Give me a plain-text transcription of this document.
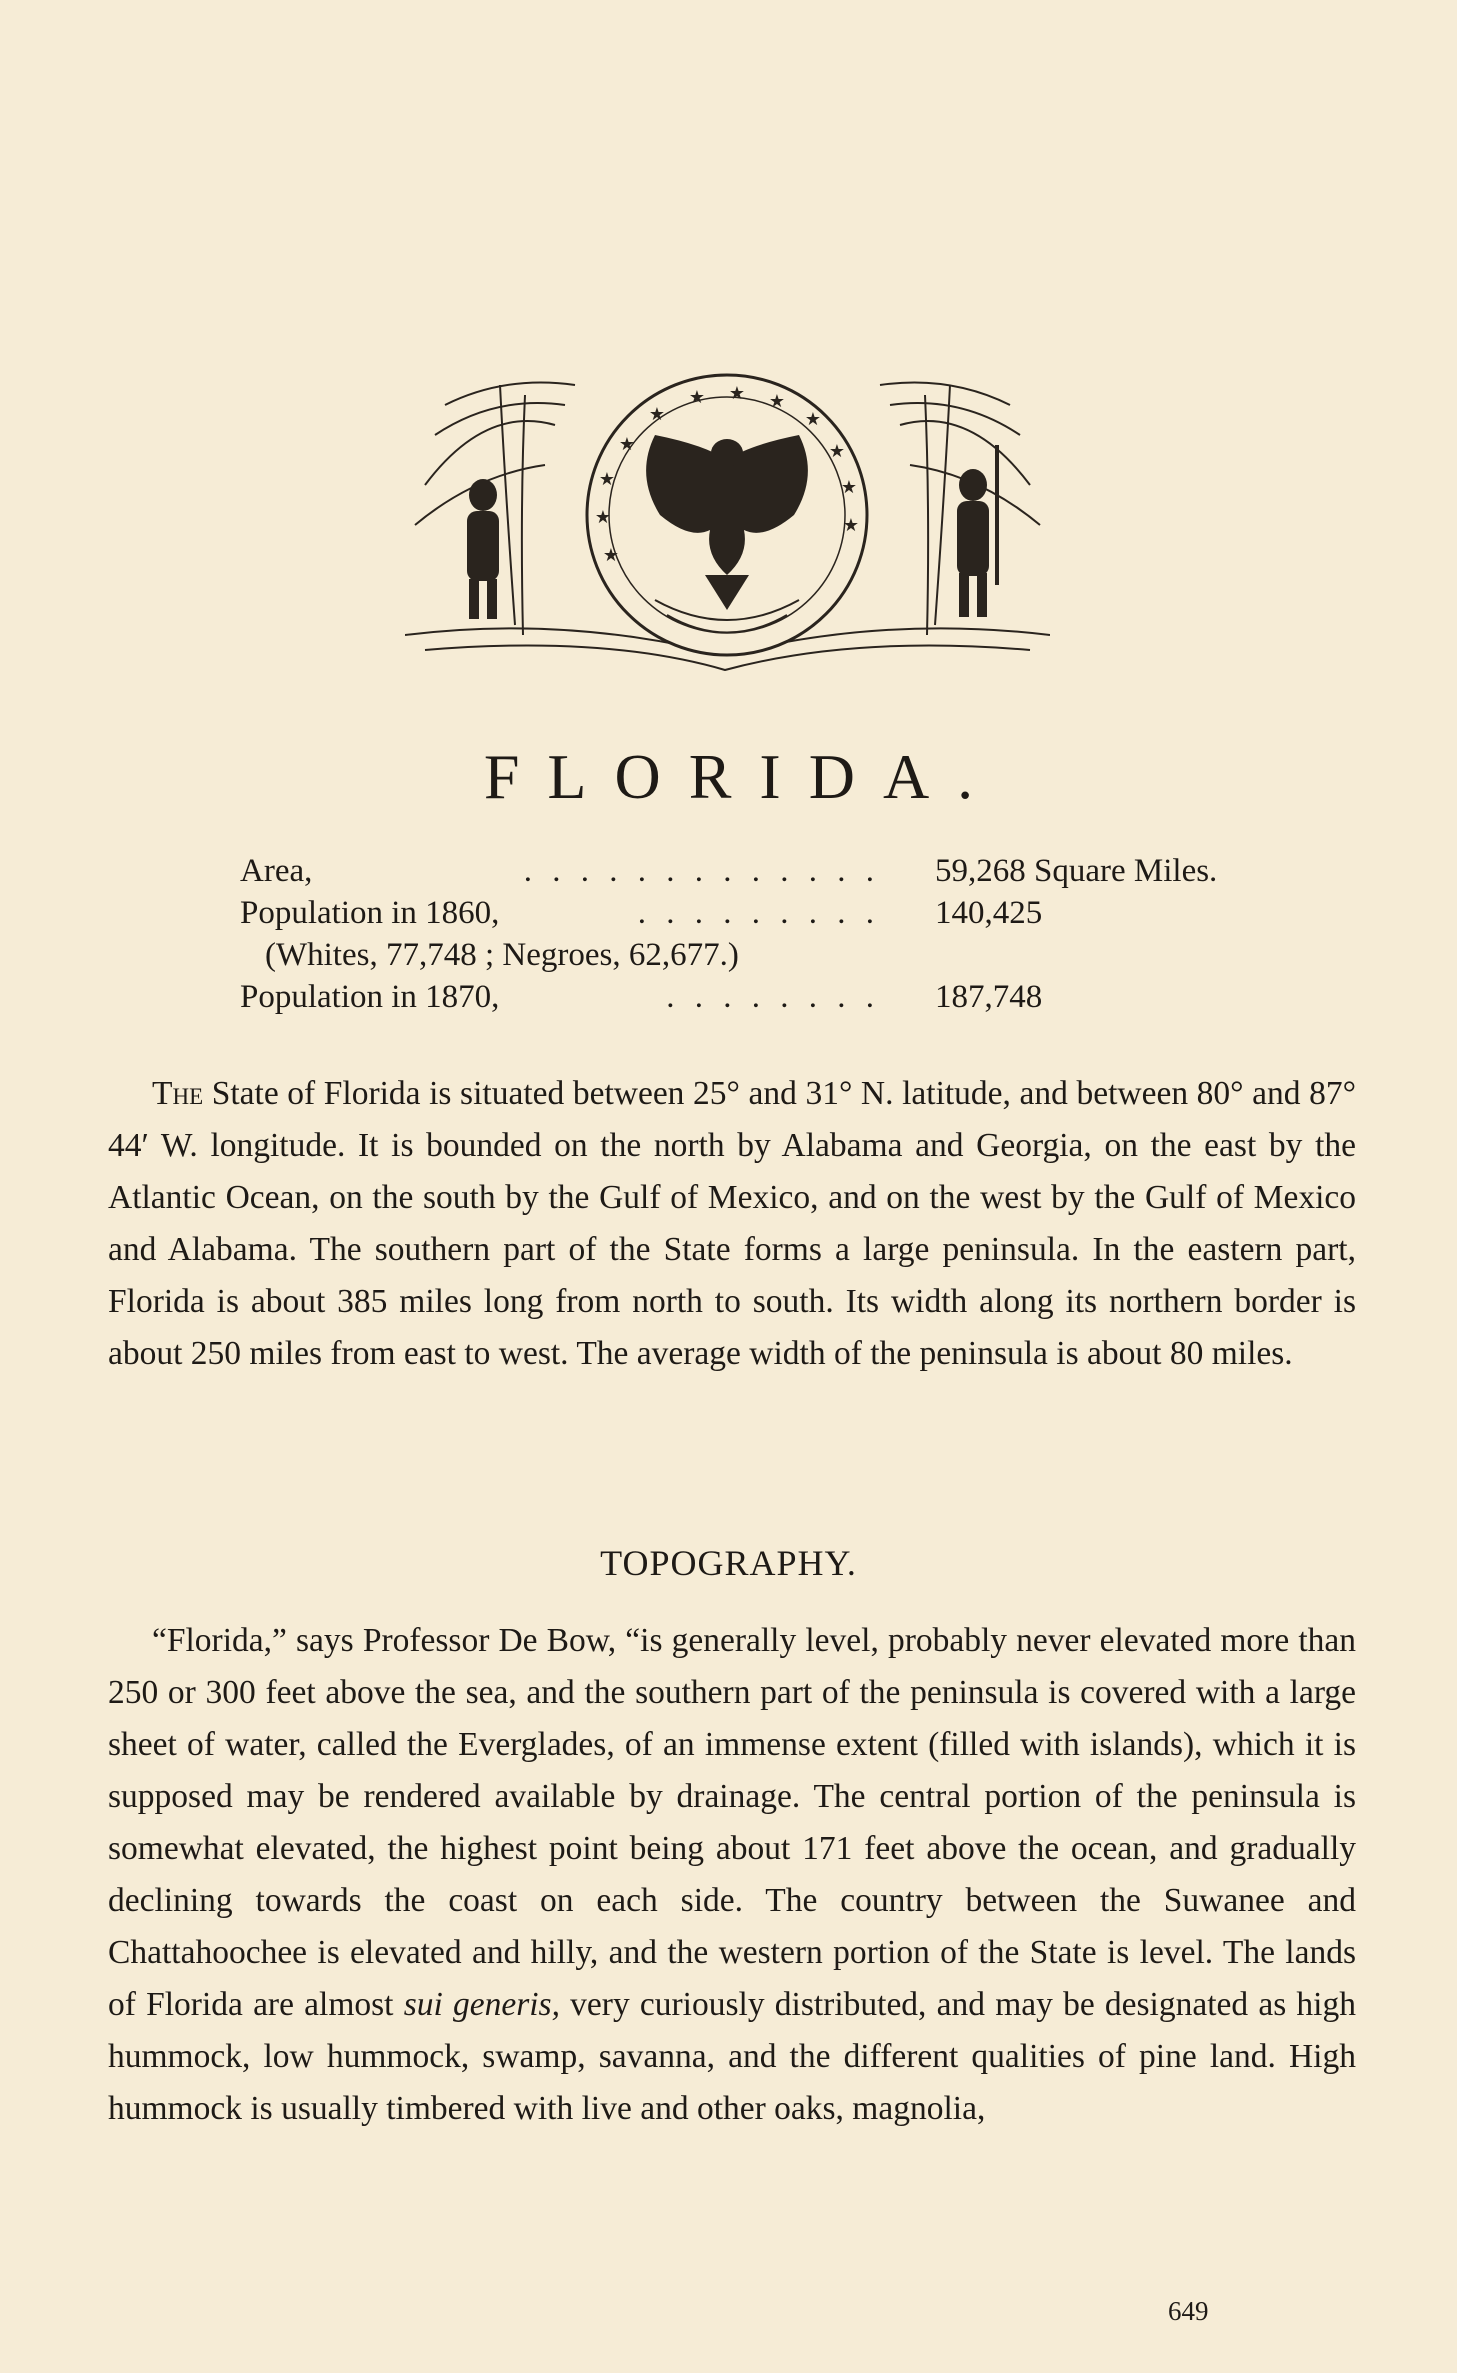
★
★
★ ★ ★
★
★
★
★
★
★
★
FLORIDA.
Area,	. . . . . . . . . . . . . 59,268 Square Miles.
Population in 1860,	. . . . . . . . . 140,425
(Whites, 77,748 ; Negroes, 62,677.)
Population in 1870,	. . . . . . . . 187,748

The State of Florida is situated between 25° and 31° N. latitude, and between 80° and 87° 44′ W. longitude. It is bounded on the north by Alabama and Georgia, on the east by the Atlantic Ocean, on the south by the Gulf of Mexico, and on the west by the Gulf of Mexico and Alabama. The southern part of the State forms a large peninsula. In the eastern part, Florida is about 385 miles long from north to south. Its width along its northern border is about 250 miles from east to west. The average width of the peninsula is about 80 miles.

TOPOGRAPHY.

“Florida,” says Professor De Bow, “is generally level, probably never elevated more than 250 or 300 feet above the sea, and the southern part of the peninsula is covered with a large sheet of water, called the Everglades, of an immense extent (filled with islands), which it is supposed may be rendered available by drainage. The central portion of the peninsula is somewhat elevated, the highest point being about 171 feet above the ocean, and gradually declining towards the coast on each side. The country between the Suwanee and Chattahoochee is elevated and hilly, and the western portion of the State is level. The lands of Florida are almost sui generis, very curiously distributed, and may be designated as high hummock, low hummock, swamp, savanna, and the different qualities of pine land. High hummock is usually timbered with live and other oaks, magnolia,

649
